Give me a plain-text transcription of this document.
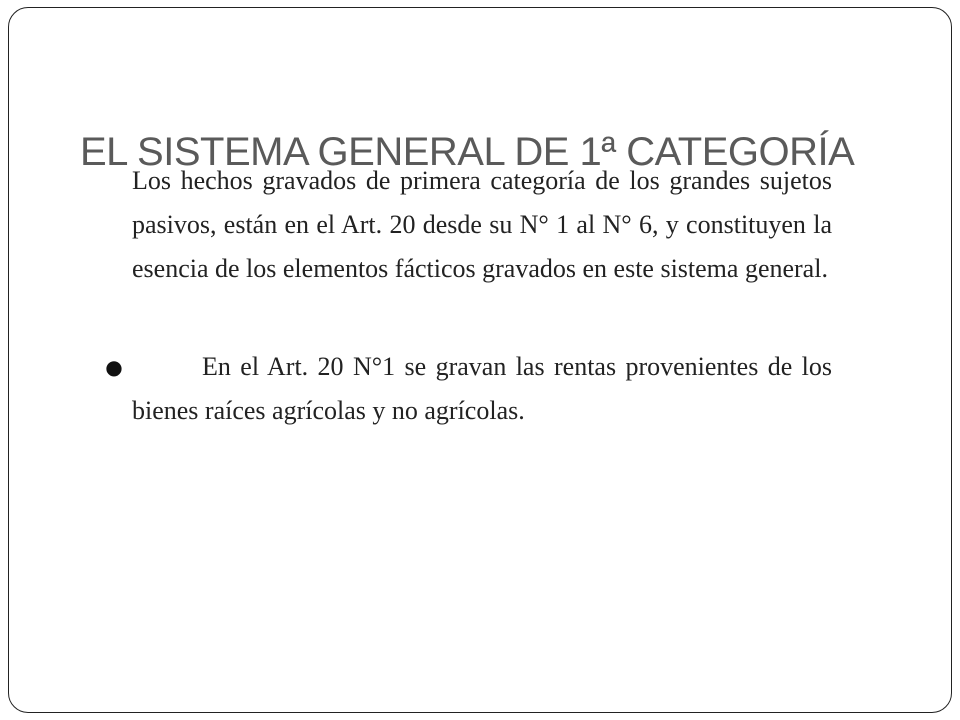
EL SISTEMA GENERAL DE 1ª CATEGORÍA

Los hechos gravados de primera categoría de los grandes sujetos pasivos, están en el Art. 20 desde su N° 1 al N° 6, y constituyen la esencia de los elementos fácticos gravados en este sistema general.

●	En el Art. 20 N°1 se gravan las rentas provenientes de los bienes raíces agrícolas y no agrícolas.
